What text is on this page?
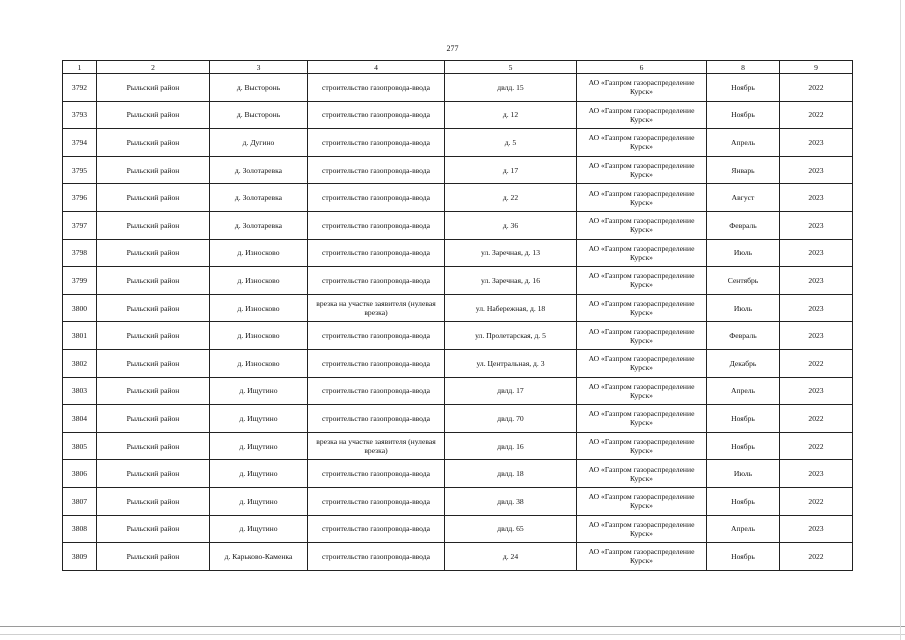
277
1	2	3	4	5	6	8	9
3792	Рыльский район	д. Высторонь	строительство газопровода-ввода	двлд. 15	АО «Газпром газораспределение Курск»	Ноябрь	2022
3793	Рыльский район	д. Высторонь	строительство газопровода-ввода	д. 12	АО «Газпром газораспределение Курск»	Ноябрь	2022
3794	Рыльский район	д. Дугино	строительство газопровода-ввода	д. 5	АО «Газпром газораспределение Курск»	Апрель	2023
3795	Рыльский район	д. Золотаревка	строительство газопровода-ввода	д. 17	АО «Газпром газораспределение Курск»	Январь	2023
3796	Рыльский район	д. Золотаревка	строительство газопровода-ввода	д. 22	АО «Газпром газораспределение Курск»	Август	2023
3797	Рыльский район	д. Золотаревка	строительство газопровода-ввода	д. 36	АО «Газпром газораспределение Курск»	Февраль	2023
3798	Рыльский район	д. Износково	строительство газопровода-ввода	ул. Заречная, д. 13	АО «Газпром газораспределение Курск»	Июль	2023
3799	Рыльский район	д. Износково	строительство газопровода-ввода	ул. Заречная, д. 16	АО «Газпром газораспределение Курск»	Сентябрь	2023
3800	Рыльский район	д. Износково	врезка на участке заявителя (нулевая врезка)	ул. Набережная, д. 18	АО «Газпром газораспределение Курск»	Июль	2023
3801	Рыльский район	д. Износково	строительство газопровода-ввода	ул. Пролетарская, д. 5	АО «Газпром газораспределение Курск»	Февраль	2023
3802	Рыльский район	д. Износково	строительство газопровода-ввода	ул. Центральная, д. 3	АО «Газпром газораспределение Курск»	Декабрь	2022
3803	Рыльский район	д. Ищутино	строительство газопровода-ввода	двлд. 17	АО «Газпром газораспределение Курск»	Апрель	2023
3804	Рыльский район	д. Ищутино	строительство газопровода-ввода	двлд. 70	АО «Газпром газораспределение Курск»	Ноябрь	2022
3805	Рыльский район	д. Ищутино	врезка на участке заявителя (нулевая врезка)	двлд. 16	АО «Газпром газораспределение Курск»	Ноябрь	2022
3806	Рыльский район	д. Ищутино	строительство газопровода-ввода	двлд. 18	АО «Газпром газораспределение Курск»	Июль	2023
3807	Рыльский район	д. Ищутино	строительство газопровода-ввода	двлд. 38	АО «Газпром газораспределение Курск»	Ноябрь	2022
3808	Рыльский район	д. Ищутино	строительство газопровода-ввода	двлд. 65	АО «Газпром газораспределение Курск»	Апрель	2023
3809	Рыльский район	д. Карьково-Каменка	строительство газопровода-ввода	д. 24	АО «Газпром газораспределение Курск»	Ноябрь	2022
